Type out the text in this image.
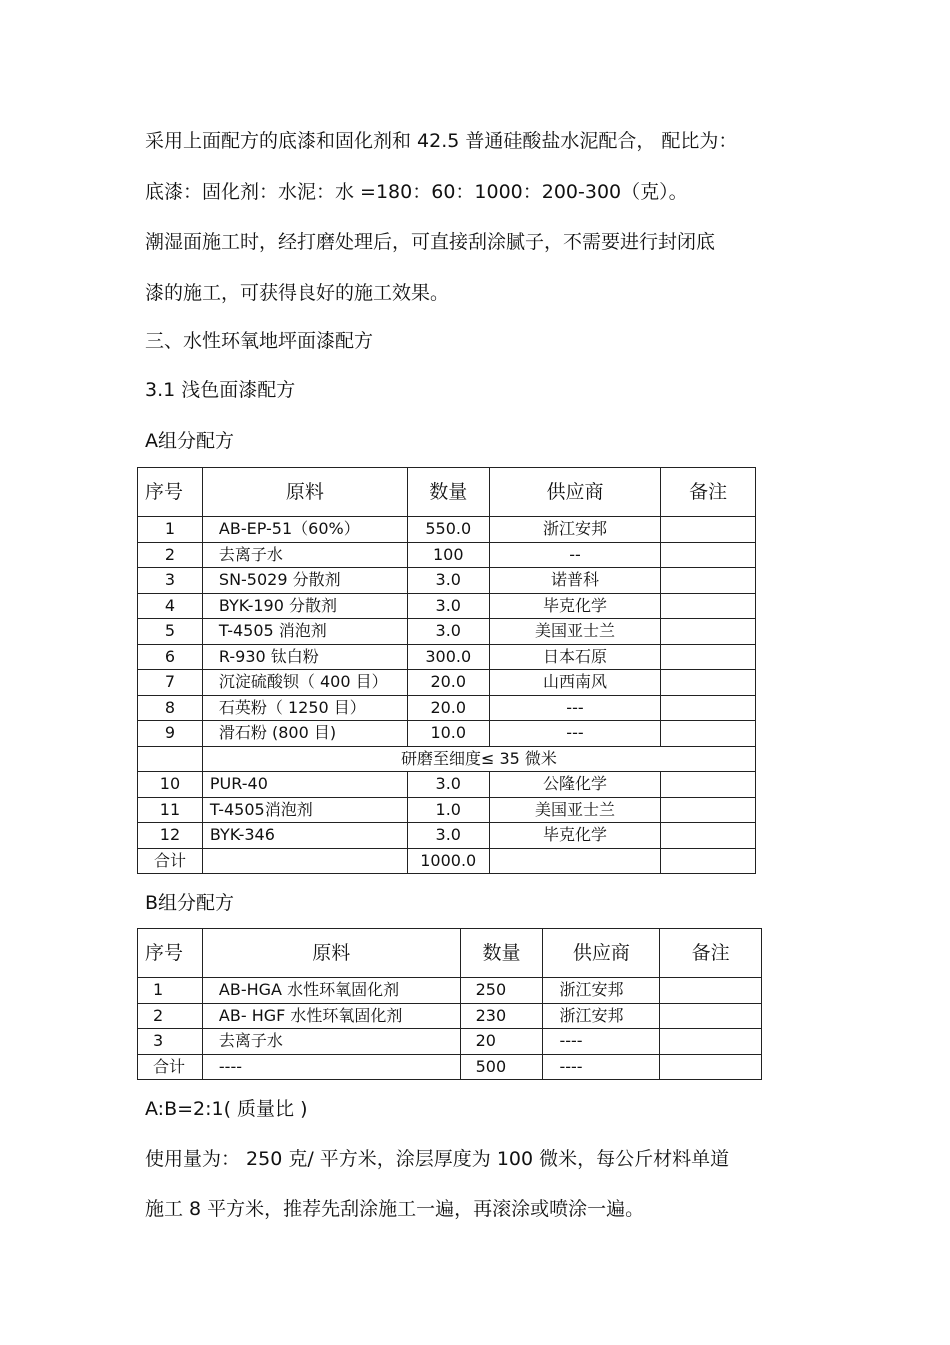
采用上面配方的底漆和固化剂和 42.5 普通硅酸盐水泥配合， 配比为：
底漆：固化剂：水泥：水 =180：60：1000：200-300（克）。
潮湿面施工时，经打磨处理后，可直接刮涂腻子，不需要进行封闭底
漆的施工，可获得良好的施工效果。
三、水性环氧地坪面漆配方
3.1 浅色面漆配方
A组分配方
序号	原料	数量	供应商	备注
1	AB-EP-51（60%）	550.0	浙江安邦	
2	去离子水	100	--	
3	SN-5029 分散剂	3.0	诺普科	
4	BYK-190 分散剂	3.0	毕克化学	
5	T-4505 消泡剂	3.0	美国亚士兰	
6	R-930 钛白粉	300.0	日本石原	
7	沉淀硫酸钡（ 400 目）	20.0	山西南风	
8	石英粉（ 1250 目）	20.0	---	
9	滑石粉 (800 目)	10.0	---	
	研磨至细度≤ 35 微米			
10	PUR-40	3.0	公隆化学	
11	T-4505消泡剂	1.0	美国亚士兰	
12	BYK-346	3.0	毕克化学	
合计		1000.0		
B组分配方
序号	原料	数量	供应商	备注
1	AB-HGA 水性环氧固化剂	250	浙江安邦	
2	AB- HGF 水性环氧固化剂	230	浙江安邦	
3	去离子水	20	----	
合计	----	500	----	
A:B=2:1( 质量比 )
使用量为： 250 克/ 平方米，涂层厚度为 100 微米，每公斤材料单道
施工 8 平方米，推荐先刮涂施工一遍，再滚涂或喷涂一遍。
